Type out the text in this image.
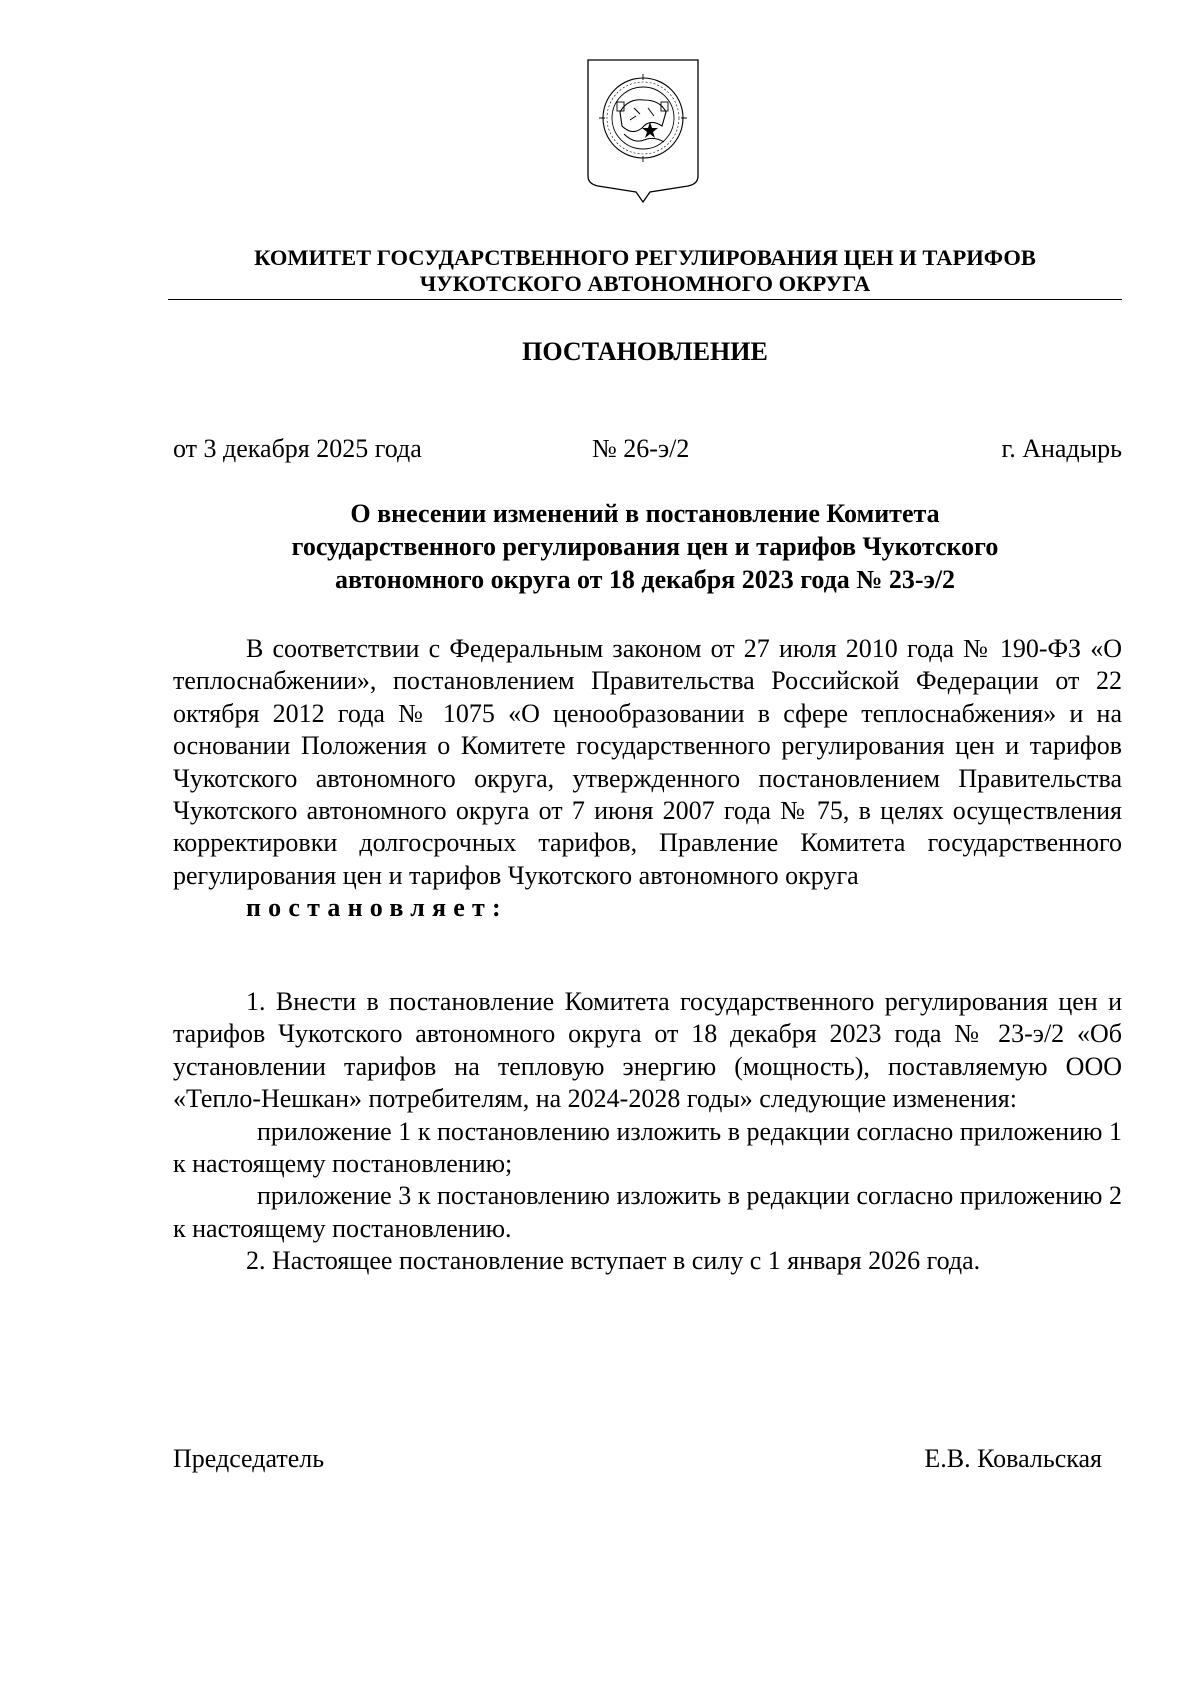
КОМИТЕТ ГОСУДАРСТВЕННОГО РЕГУЛИРОВАНИЯ ЦЕН И ТАРИФОВ
ЧУКОТСКОГО АВТОНОМНОГО ОКРУГА
ПОСТАНОВЛЕНИЕ
от 3 декабря 2025 года	№ 26-э/2	г. Анадырь
О внесении изменений в постановление Комитета
государственного регулирования цен и тарифов Чукотского
автономного округа от 18 декабря 2023 года № 23-э/2
В соответствии с Федеральным законом от 27 июля 2010 года № 190-ФЗ «О теплоснабжении», постановлением Правительства Российской Федерации от 22 октября 2012 года № 1075 «О ценообразовании в сфере теплоснабжения» и на основании Положения о Комитете государственного регулирования цен и тарифов Чукотского автономного округа, утвержденного постановлением Правительства Чукотского автономного округа от 7 июня 2007 года № 75, в целях осуществления корректировки долгосрочных тарифов, Правление Комитета государственного регулирования цен и тарифов Чукотского автономного округа
постановляет:
1. Внести в постановление Комитета государственного регулирования цен и тарифов Чукотского автономного округа от 18 декабря 2023 года № 23-э/2 «Об установлении тарифов на тепловую энергию (мощность), поставляемую ООО «Тепло-Нешкан» потребителям, на 2024-2028 годы» следующие изменения:
приложение 1 к постановлению изложить в редакции согласно приложению 1 к настоящему постановлению;
приложение 3 к постановлению изложить в редакции согласно приложению 2 к настоящему постановлению.
2. Настоящее постановление вступает в силу с 1 января 2026 года.
Председатель	Е.В. Ковальская
